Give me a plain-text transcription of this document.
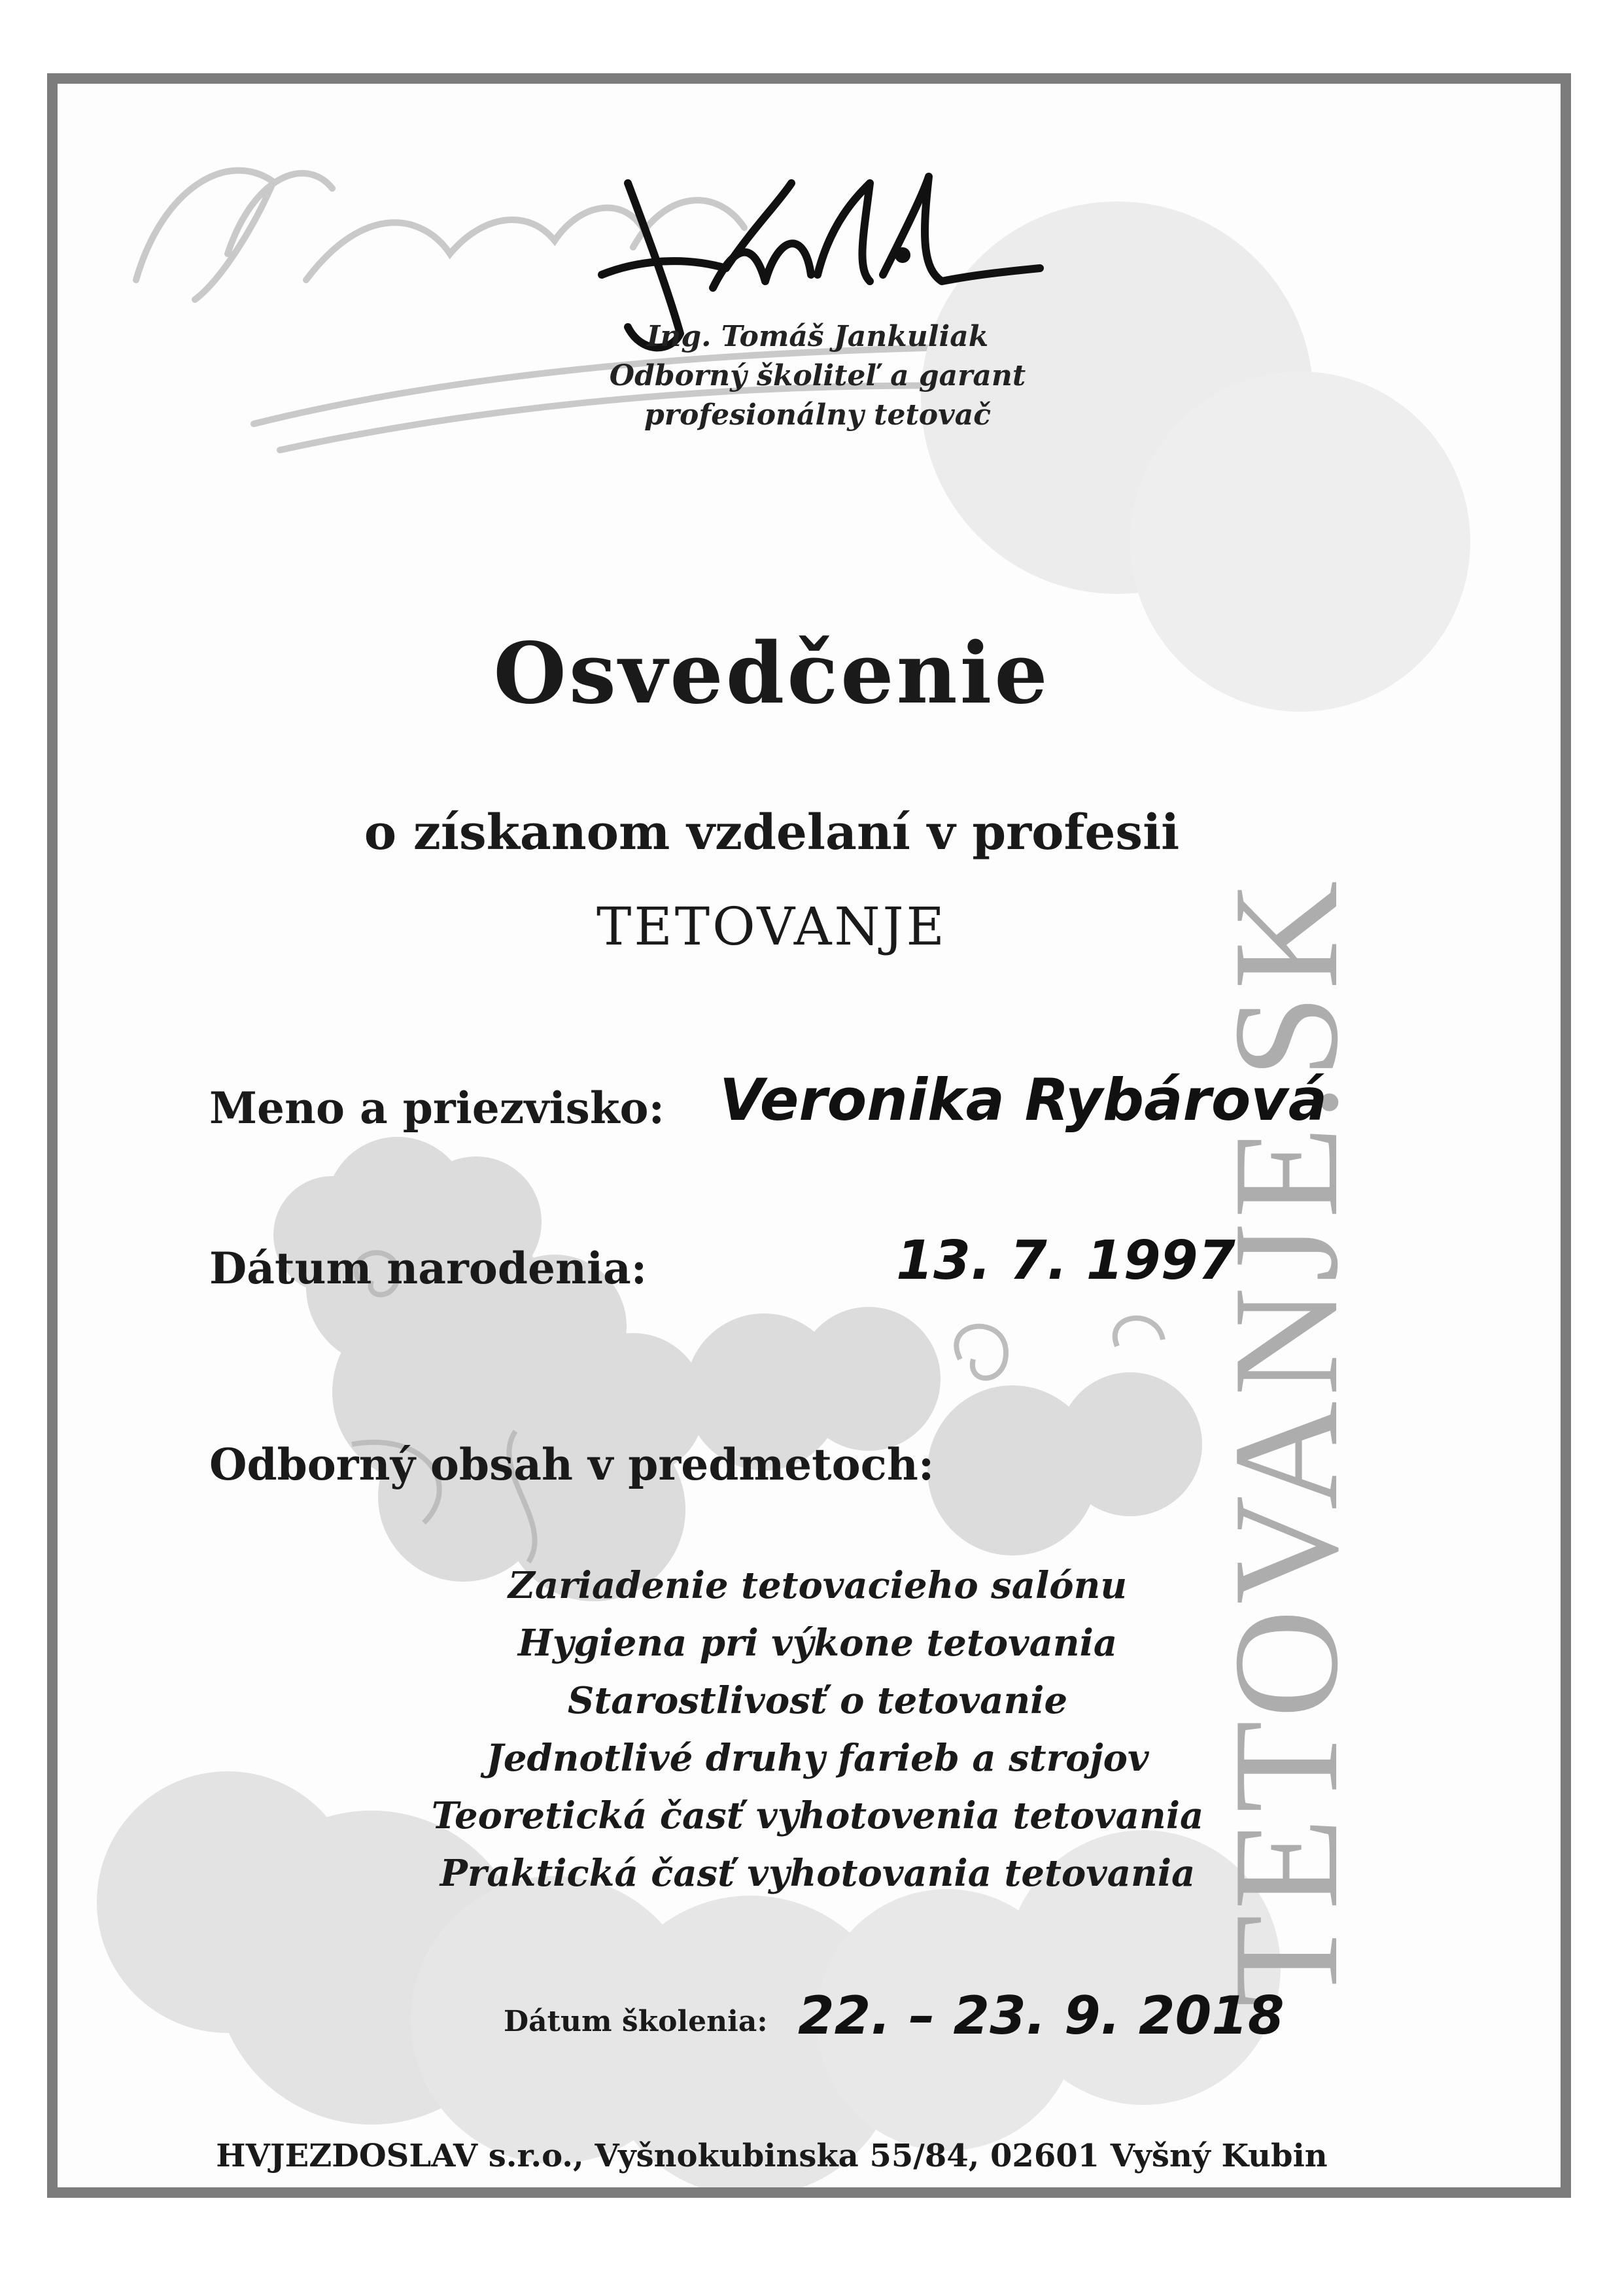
TETOVANJE.SK
Ing. Tomáš Jankuliak
Odborný školiteľ a garant
profesionálny tetovač
Osvedčenie
o získanom vzdelaní v profesii
TETOVANJE
Meno a priezvisko: Veronika Rybárová
Dátum narodenia:	13. 7. 1997
Odborný obsah v predmetoch:
Zariadenie tetovacieho salónu
Hygiena pri výkone tetovania
Starostlivosť o tetovanie
Jednotlivé druhy farieb a strojov
Teoretická časť vyhotovenia tetovania
Praktická časť vyhotovania tetovania
Dátum školenia: 22. – 23. 9. 2018
HVJEZDOSLAV s.r.o., Vyšnokubinska 55/84, 02601 Vyšný Kubin
